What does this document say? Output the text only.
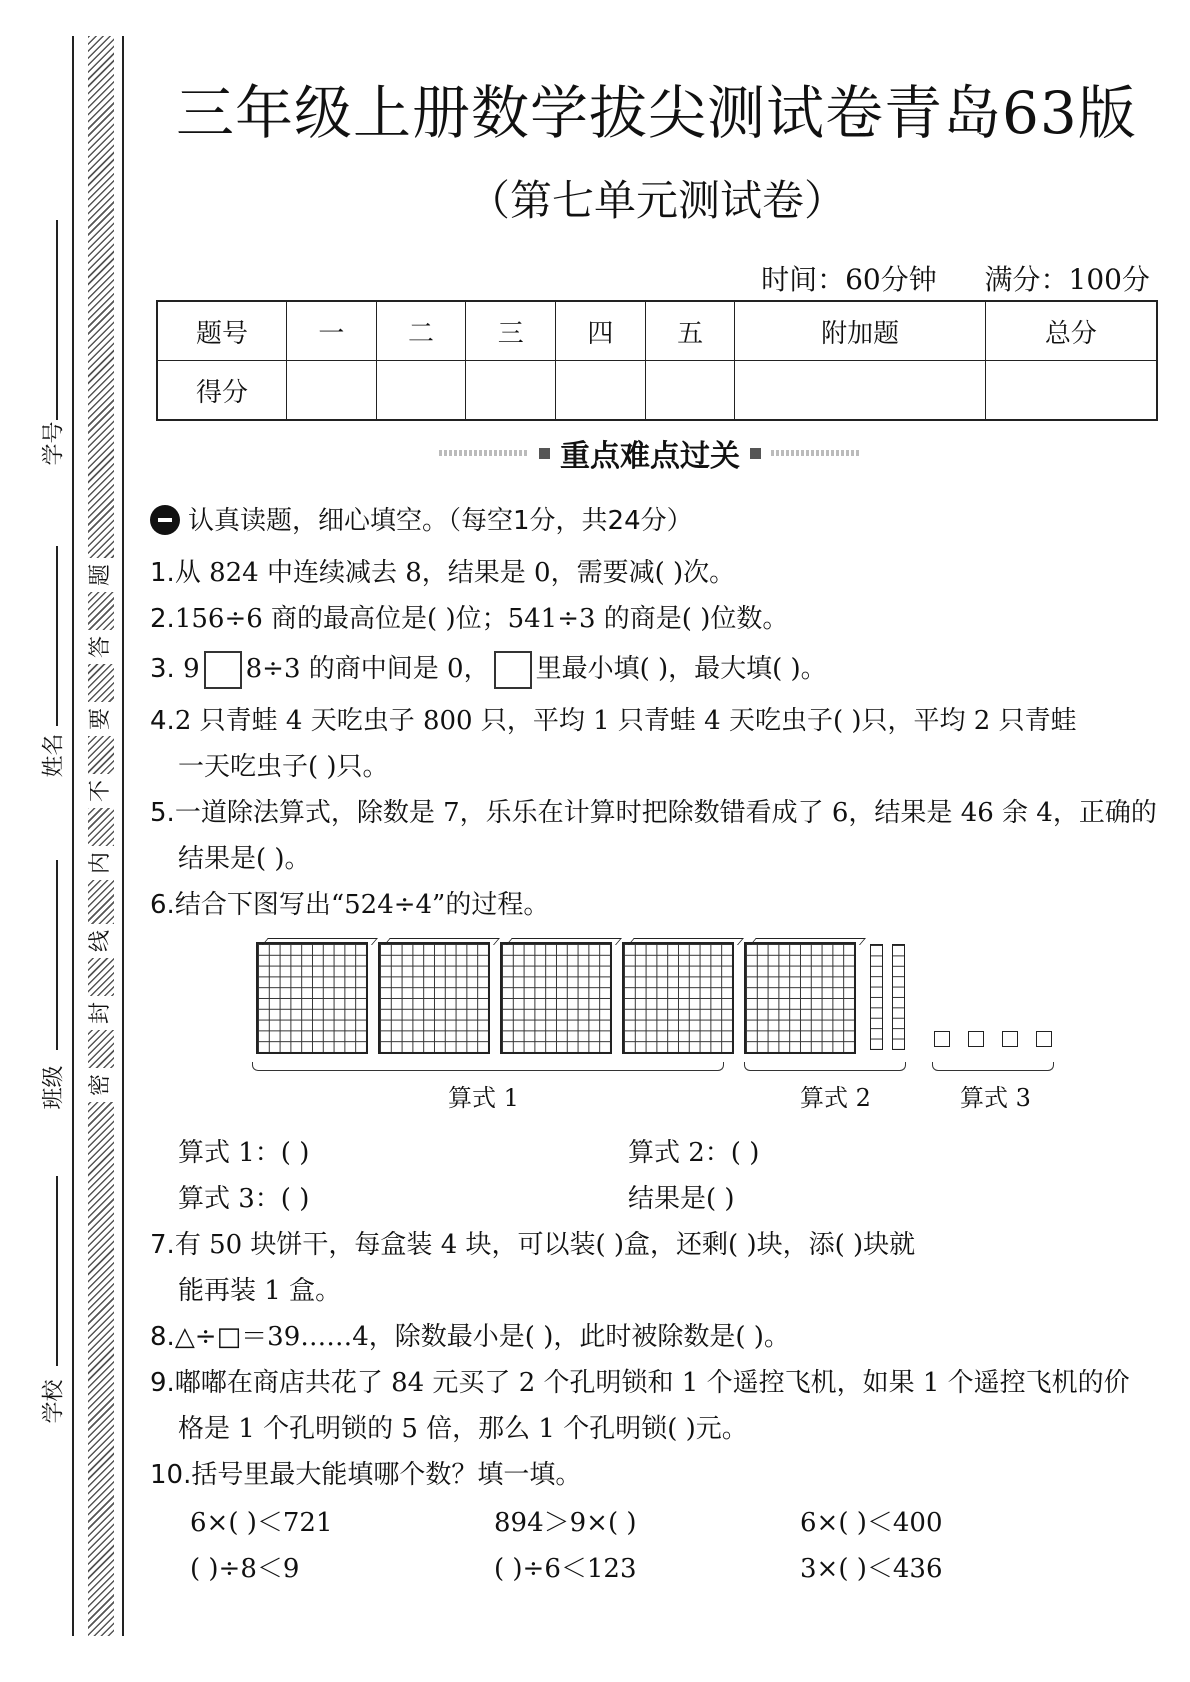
学号
姓名
班级
学校
题
答
要
不
内
线
封
密
三年级上册数学拔尖测试卷青岛63版
（第七单元测试卷）
时间：60分钟 满分：100分
题号	一	二	三	四	五	附加题	总分
得分							
重点难点过关
认真读题，细心填空。（每空1分，共24分）
1.从 824 中连续减去 8，结果是 0，需要减( )次。
2.156÷6 商的最高位是( )位；541÷3 的商是( )位数。
3. 9 8÷3 的商中间是 0， 里最小填( )，最大填( )。
4.2 只青蛙 4 天吃虫子 800 只，平均 1 只青蛙 4 天吃虫子( )只，平均 2 只青蛙
一天吃虫子( )只。
5.一道除法算式，除数是 7，乐乐在计算时把除数错看成了 6，结果是 46 余 4，正确的
结果是( )。
6.结合下图写出“524÷4”的过程。
算式 1	算式 2	算式 3
算式 1：( )	算式 2：( )
算式 3：( )	结果是( )
7.有 50 块饼干，每盒装 4 块，可以装( )盒，还剩( )块，添( )块就
能再装 1 盒。
8.△÷□＝39……4，除数最小是( )，此时被除数是( )。
9.嘟嘟在商店共花了 84 元买了 2 个孔明锁和 1 个遥控飞机，如果 1 个遥控飞机的价
格是 1 个孔明锁的 5 倍，那么 1 个孔明锁( )元。
10.括号里最大能填哪个数？填一填。
6×( )＜721	894＞9×( )	6×( )＜400
( )÷8＜9	( )÷6＜123	3×( )＜436
